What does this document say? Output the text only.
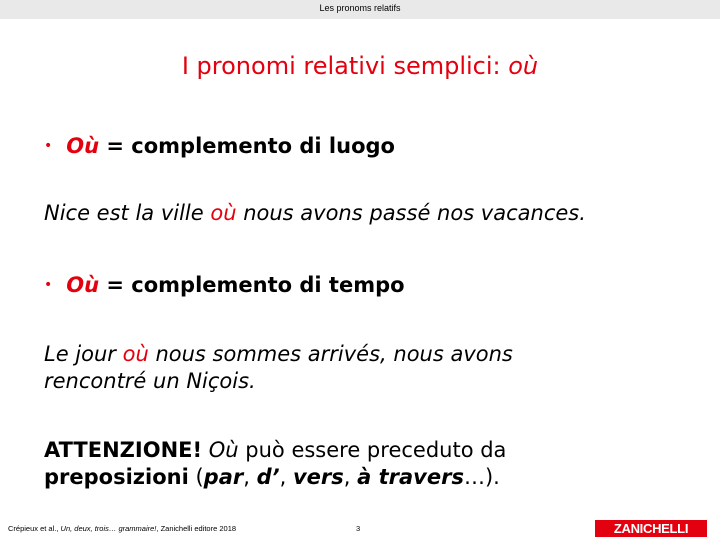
Les pronoms relatifs
I pronomi relativi semplici: où
• Où = complemento di luogo
Nice est la ville où nous avons passé nos vacances.
• Où = complemento di tempo
Le jour où nous sommes arrivés, nous avons
rencontré un Niçois.
ATTENZIONE! Où può essere preceduto da
preposizioni (par, d’, vers, à travers…).
Crépieux et al., Un, deux, trois… grammaire!, Zanichelli editore 2018	3	ZANICHELLI
